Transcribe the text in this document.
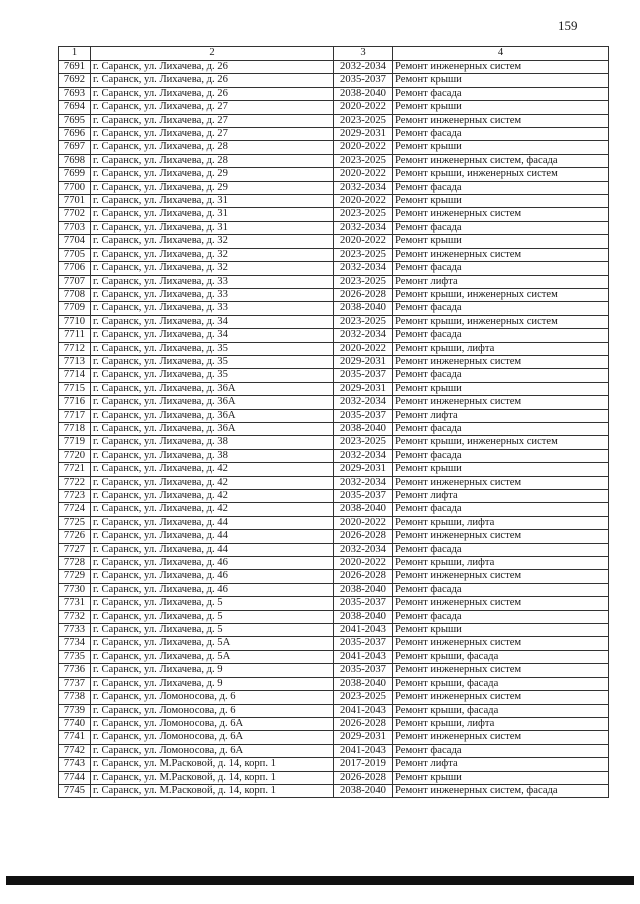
159
1	2	3	4
7691	г. Саранск, ул. Лихачева, д. 26	2032-2034	Ремонт инженерных систем
7692	г. Саранск, ул. Лихачева, д. 26	2035-2037	Ремонт крыши
7693	г. Саранск, ул. Лихачева, д. 26	2038-2040	Ремонт фасада
7694	г. Саранск, ул. Лихачева, д. 27	2020-2022	Ремонт крыши
7695	г. Саранск, ул. Лихачева, д. 27	2023-2025	Ремонт инженерных систем
7696	г. Саранск, ул. Лихачева, д. 27	2029-2031	Ремонт фасада
7697	г. Саранск, ул. Лихачева, д. 28	2020-2022	Ремонт крыши
7698	г. Саранск, ул. Лихачева, д. 28	2023-2025	Ремонт инженерных систем, фасада
7699	г. Саранск, ул. Лихачева, д. 29	2020-2022	Ремонт крыши, инженерных систем
7700	г. Саранск, ул. Лихачева, д. 29	2032-2034	Ремонт фасада
7701	г. Саранск, ул. Лихачева, д. 31	2020-2022	Ремонт крыши
7702	г. Саранск, ул. Лихачева, д. 31	2023-2025	Ремонт инженерных систем
7703	г. Саранск, ул. Лихачева, д. 31	2032-2034	Ремонт фасада
7704	г. Саранск, ул. Лихачева, д. 32	2020-2022	Ремонт крыши
7705	г. Саранск, ул. Лихачева, д. 32	2023-2025	Ремонт инженерных систем
7706	г. Саранск, ул. Лихачева, д. 32	2032-2034	Ремонт фасада
7707	г. Саранск, ул. Лихачева, д. 33	2023-2025	Ремонт лифта
7708	г. Саранск, ул. Лихачева, д. 33	2026-2028	Ремонт крыши, инженерных систем
7709	г. Саранск, ул. Лихачева, д. 33	2038-2040	Ремонт фасада
7710	г. Саранск, ул. Лихачева, д. 34	2023-2025	Ремонт крыши, инженерных систем
7711	г. Саранск, ул. Лихачева, д. 34	2032-2034	Ремонт фасада
7712	г. Саранск, ул. Лихачева, д. 35	2020-2022	Ремонт крыши, лифта
7713	г. Саранск, ул. Лихачева, д. 35	2029-2031	Ремонт инженерных систем
7714	г. Саранск, ул. Лихачева, д. 35	2035-2037	Ремонт фасада
7715	г. Саранск, ул. Лихачева, д. 36А	2029-2031	Ремонт крыши
7716	г. Саранск, ул. Лихачева, д. 36А	2032-2034	Ремонт инженерных систем
7717	г. Саранск, ул. Лихачева, д. 36А	2035-2037	Ремонт лифта
7718	г. Саранск, ул. Лихачева, д. 36А	2038-2040	Ремонт фасада
7719	г. Саранск, ул. Лихачева, д. 38	2023-2025	Ремонт крыши, инженерных систем
7720	г. Саранск, ул. Лихачева, д. 38	2032-2034	Ремонт фасада
7721	г. Саранск, ул. Лихачева, д. 42	2029-2031	Ремонт крыши
7722	г. Саранск, ул. Лихачева, д. 42	2032-2034	Ремонт инженерных систем
7723	г. Саранск, ул. Лихачева, д. 42	2035-2037	Ремонт лифта
7724	г. Саранск, ул. Лихачева, д. 42	2038-2040	Ремонт фасада
7725	г. Саранск, ул. Лихачева, д. 44	2020-2022	Ремонт крыши, лифта
7726	г. Саранск, ул. Лихачева, д. 44	2026-2028	Ремонт инженерных систем
7727	г. Саранск, ул. Лихачева, д. 44	2032-2034	Ремонт фасада
7728	г. Саранск, ул. Лихачева, д. 46	2020-2022	Ремонт крыши, лифта
7729	г. Саранск, ул. Лихачева, д. 46	2026-2028	Ремонт инженерных систем
7730	г. Саранск, ул. Лихачева, д. 46	2038-2040	Ремонт фасада
7731	г. Саранск, ул. Лихачева, д. 5	2035-2037	Ремонт инженерных систем
7732	г. Саранск, ул. Лихачева, д. 5	2038-2040	Ремонт фасада
7733	г. Саранск, ул. Лихачева, д. 5	2041-2043	Ремонт крыши
7734	г. Саранск, ул. Лихачева, д. 5А	2035-2037	Ремонт инженерных систем
7735	г. Саранск, ул. Лихачева, д. 5А	2041-2043	Ремонт крыши, фасада
7736	г. Саранск, ул. Лихачева, д. 9	2035-2037	Ремонт инженерных систем
7737	г. Саранск, ул. Лихачева, д. 9	2038-2040	Ремонт крыши, фасада
7738	г. Саранск, ул. Ломоносова, д. 6	2023-2025	Ремонт инженерных систем
7739	г. Саранск, ул. Ломоносова, д. 6	2041-2043	Ремонт крыши, фасада
7740	г. Саранск, ул. Ломоносова, д. 6А	2026-2028	Ремонт крыши, лифта
7741	г. Саранск, ул. Ломоносова, д. 6А	2029-2031	Ремонт инженерных систем
7742	г. Саранск, ул. Ломоносова, д. 6А	2041-2043	Ремонт фасада
7743	г. Саранск, ул. М.Расковой, д. 14, корп. 1	2017-2019	Ремонт лифта
7744	г. Саранск, ул. М.Расковой, д. 14, корп. 1	2026-2028	Ремонт крыши
7745	г. Саранск, ул. М.Расковой, д. 14, корп. 1	2038-2040	Ремонт инженерных систем, фасада
